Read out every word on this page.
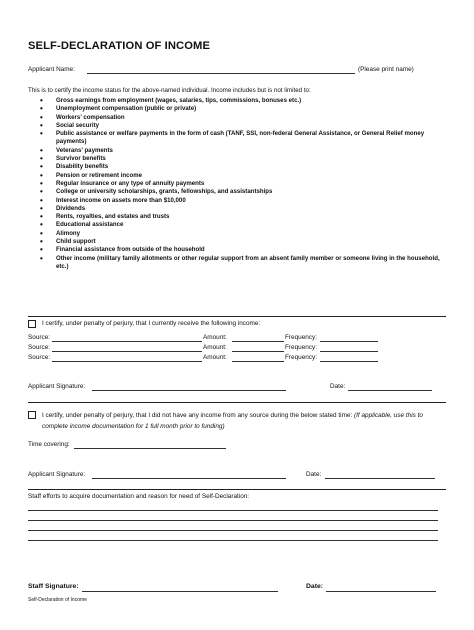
SELF-DECLARATION OF INCOME
Applicant Name:	(Please print name)
This is to certify the income status for the above-named individual. Income includes but is not limited to:
• Gross earnings from employment (wages, salaries, tips, commissions, bonuses etc.)
• Unemployment compensation (public or private)
• Workers’ compensation
• Social security
• Public assistance or welfare payments in the form of cash (TANF, SSI, non-federal General Assistance, or General Relief money payments)
• Veterans’ payments
• Survivor benefits
• Disability benefits
• Pension or retirement income
• Regular insurance or any type of annuity payments
• College or university scholarships, grants, fellowships, and assistantships
• Interest income on assets more than $10,000
• Dividends
• Rents, royalties, and estates and trusts
• Educational assistance
• Alimony
• Child support
• Financial assistance from outside of the household
• Other income (military family allotments or other regular support from an absent family member or someone living in the household, etc.)
I certify, under penalty of perjury, that I currently receive the following income:
Source:	Amount:	Frequency:
Source:	Amount:	Frequency:
Source:	Amount:	Frequency:
Applicant Signature:	Date:
I certify, under penalty of perjury, that I did not have any income from any source during the below stated time: (If applicable, use this to complete income documentation for 1 full month prior to funding)
Time covering:
Applicant Signature:	Date:
Staff efforts to acquire documentation and reason for need of Self-Declaration:
Staff Signature:	Date:
Self-Declaration of Income
